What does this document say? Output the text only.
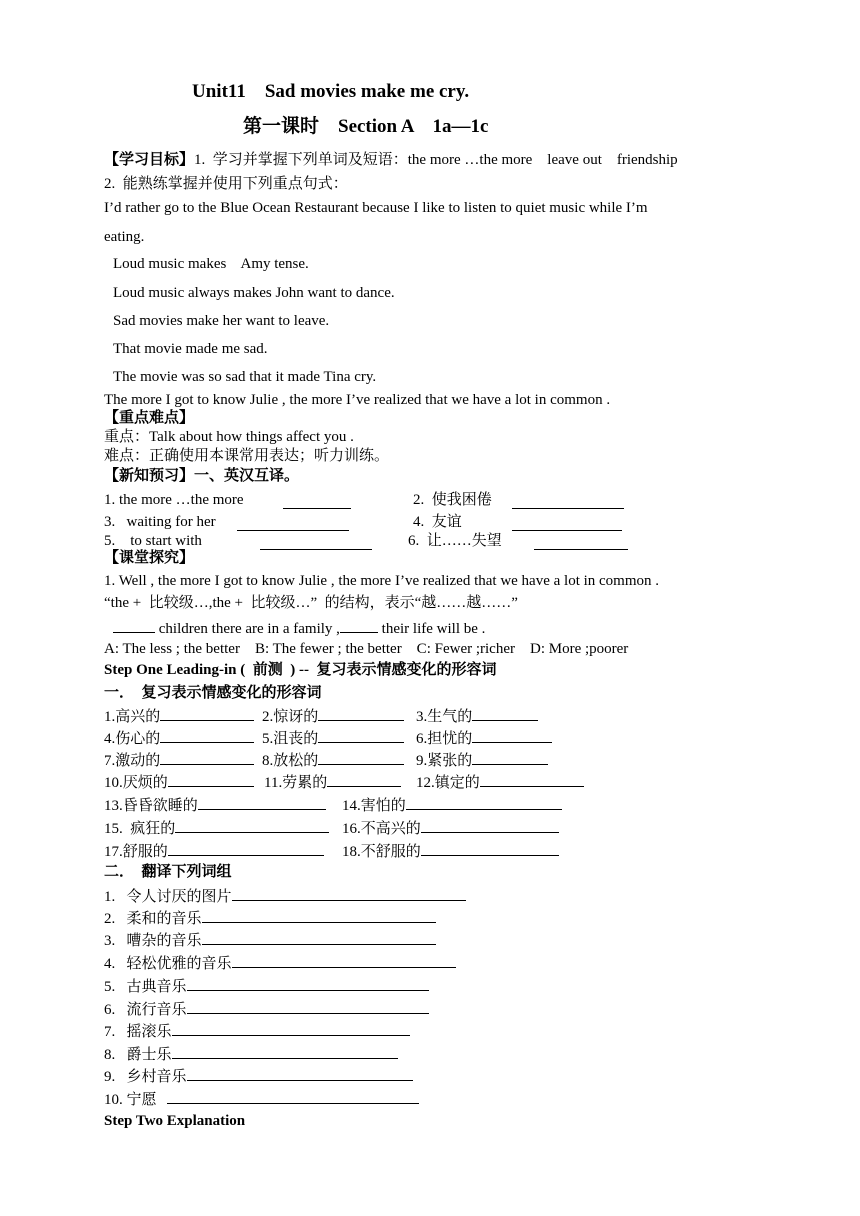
Unit11    Sad movies make me cry.
第一课时    Section A    1a—1c
【学习目标】1.  学习并掌握下列单词及短语：the more …the more    leave out    friendship
2.  能熟练掌握并使用下列重点句式：
I’d rather go to the Blue Ocean Restaurant because I like to listen to quiet music while I’m
eating.
Loud music makes    Amy tense.
Loud music always makes John want to dance.
Sad movies make her want to leave.
That movie made me sad.
The movie was so sad that it made Tina cry.
The more I got to know Julie , the more I’ve realized that we have a lot in common .
【重点难点】
重点：Talk about how things affect you .
难点：正确使用本课常用表达；听力训练。
【新知预习】一、英汉互译。
1. the more …the more	2.  使我困倦
3.   waiting for her	4.  友谊
5.    to start with	6.  让……失望
【课堂探究】
1. Well , the more I got to know Julie , the more I’ve realized that we have a lot in common .
“the +  比较级…,the +  比较级…”  的结构，表示“越……越……”
children there are in a family ,	their life will be .
A: The less ; the better    B: The fewer ; the better    C: Fewer ;richer    D: More ;poorer
Step One Leading-in (  前测  ) --  复习表示情感变化的形容词
一．  复习表示情感变化的形容词
1.高兴的	2.惊讶的	3.生气的
4.伤心的	5.沮丧的	6.担忧的
7.激动的	8.放松的	9.紧张的
10.厌烦的	11.劳累的	12.镇定的
13.昏昏欲睡的	14.害怕的
15.  疯狂的	16.不高兴的
17.舒服的	18.不舒服的
二．  翻译下列词组
1.   令人讨厌的图片
2.   柔和的音乐
3.   嘈杂的音乐
4.   轻松优雅的音乐
5.   古典音乐
6.   流行音乐
7.   摇滚乐
8.   爵士乐
9.   乡村音乐
10. 宁愿
Step Two Explanation
